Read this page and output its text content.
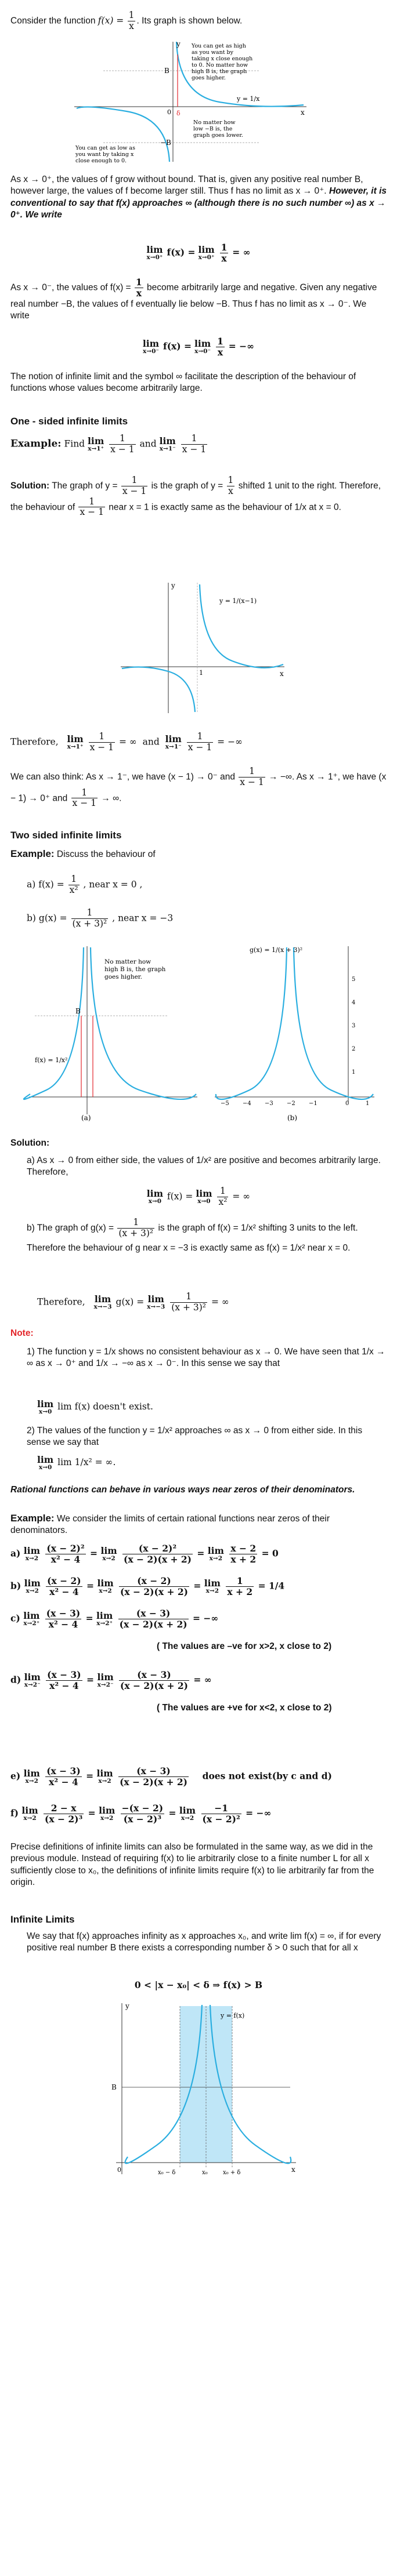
Consider the function $f(x) = \frac{1}{x}$ . Its graph is shown below.

B
−B
0 δ	x
y
y = 1/x
You can get as high
as you want by
taking x close enough
to 0. No matter how
high B is, the graph
goes higher.
No matter how
low −B is, the
graph goes lower.
You can get as low as
you want by taking x
close enough to 0.

As x → 0⁺, the values of f grow without bound. That is, given any positive real number B, however large, the values of f become larger still. Thus f has no limit as x → 0⁺. However, it is conventional to say that f(x) approaches ∞ (although there is no such number ∞) as x → 0⁺. We write

lim
x→0⁺ f(x) = lim
x→0⁺
$\frac{1}{x}$ = ∞

As x → 0⁻, the values of $f(x) = \frac{1}{x}$ become arbitrarily large and negative. Given any negative real number −B, the values of f eventually lie below −B. Thus f has no limit as x → 0⁻. We write

lim
x→0⁻ f(x) = lim
x→0⁻
$\frac{1}{x}$ = −∞

The notion of infinite limit and the symbol ∞ facilitate the description of the behaviour of functions whose values become arbitrarily large.

One - sided infinite limits

Example: Find lim
x→1⁺
$\frac{1}{x - 1}$ and lim
x→1⁻
$\frac{1}{x - 1}$
Solution: The graph of $y = \frac{1}{x - 1}$ is the graph of $y = \frac{1}{x}$ shifted 1 unit to the right. Therefore, the behaviour of $\frac{1}{x - 1}$ near x = 1 is exactly same as the behaviour of 1/x at x = 0.
x
y
1
y = 1/(x−1)
Therefore, lim
x→1⁺
$\frac{1}{x - 1}$ = ∞ and lim
x→1⁻
$\frac{1}{x - 1}$ = −∞
We can also think: As x → 1⁻, we have (x − 1) → 0⁻ and $\frac{1}{x - 1}$ → −∞. As x → 1⁺, we have (x − 1) → 0⁺ and $\frac{1}{x - 1}$ → ∞.

Two sided infinite limits

Example: Discuss the behaviour of
a) $f(x) = \frac{1}{\text{x²}}$ , near x = 0 ,
b) $g(x) = \frac{1}{\text{(x + 3)²}}$ , near x = −3
B
f(x) = 1/x²
No matter how
high B is, the graph
goes higher.
(a)
−5 −4 −3 −2 −1	0	1
1
2
3
4
5
g(x) = 1/(x + 3)²
(b)

Solution:

a) As x → 0 from either side, the values of 1/x² are positive and becomes arbitrarily large. Therefore,

lim
x→0 f(x) = lim
x→0
$\frac{1}{\text{x²}}$ = ∞
b) The graph of $g(x) = \frac{1}{\text{(x + 3)²}}$ is the graph of f(x) = 1/x² shifting 3 units to the left. Therefore the behaviour of g near x = −3 is exactly same as f(x) = 1/x² near x = 0.
Therefore, lim
x→−3 g(x) = lim
x→−3
$\frac{1}{\text{(x + 3)²}}$ = ∞

Note:

1) The function y = 1/x shows no consistent behaviour as x → 0. We have seen that 1/x → ∞ as x → 0⁺ and 1/x → −∞ as x → 0⁻. In this sense we say that

lim
x→0 lim f(x) doesn't exist.

2) The values of the function y = 1/x² approaches ∞ as x → 0 from either side. In this sense we say that

lim
x→0 lim 1/x² = ∞.

Rational functions can behave in various ways near zeros of their denominators.

Example: We consider the limits of certain rational functions near zeros of their denominators.

a) lim
x→2
$\frac{\text{(x − 2)²}}{\text{x² − 4}} = \lim$
x→2
$\frac{\text{(x − 2)²}}{(x - 2)(x + 2)} = \lim$
x→2
$\frac{x - 2}{x + 2} = 0$
b) lim
x→2
$\frac{(x - 2)}{\text{x² − 4}} = \lim$
x→2
$\frac{(x - 2)}{(x - 2)(x + 2)} = \lim$
x→2
$\frac{1}{x + 2} = 1/4$
c) lim
x→2⁺
$\frac{(x - 3)}{\text{x² − 4}} = \lim$
x→2⁺
$\frac{(x - 3)}{(x - 2)(x + 2)}$ = −∞

( The values are –ve for x>2, x close to 2)

d) lim
x→2⁻
$\frac{(x - 3)}{\text{x² − 4}} = \lim$
x→2⁻
$\frac{(x - 3)}{(x - 2)(x + 2)}$ = ∞

( The values are +ve for x<2, x close to 2)

e) lim
x→2
$\frac{(x - 3)}{\text{x² − 4}} = \lim$
x→2
$\frac{(x - 3)}{(x - 2)(x + 2)}$ does not exist(by c and d)
f) lim
x→2
$\frac{2 - x}{\text{(x − 2)³}} = \lim$
x→2
$\frac{-(x - 2)}{\text{(x − 2)³}} = \lim$
x→2
$\frac{-1}{\text{(x − 2)²}}$ = −∞

Precise definitions of infinite limits can also be formulated in the same way, as we did in the previous module. Instead of requiring f(x) to lie arbitrarily close to a finite number L for all x sufficiently close to x₀, the definitions of infinite limits require f(x) to lie arbitrarily far from the origin.

Infinite Limits

We say that f(x) approaches infinity as x approaches x₀, and write lim f(x) = ∞, if for every positive real number B there exists a corresponding number δ > 0 such that for all x

0 < |x − x₀| < δ ⇒ f(x) > B

B
y
x
0
y = f(x)
x₀ − δ	x₀	x₀ + δ
